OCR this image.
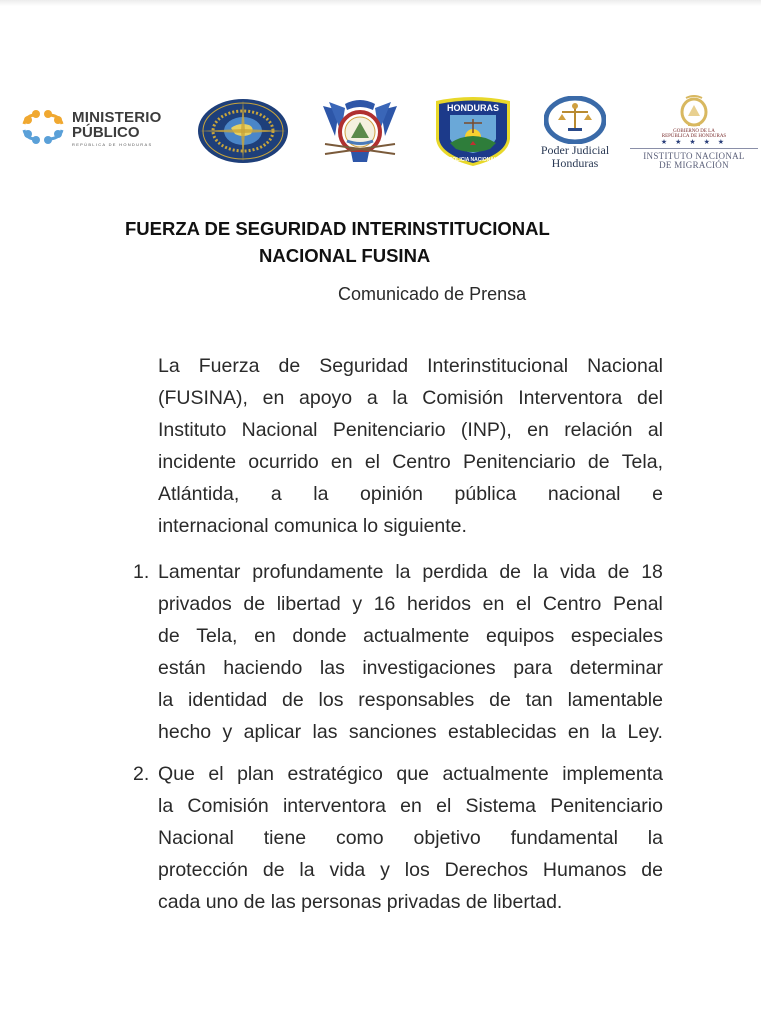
MINISTERIO
PÚBLICO
REPÚBLICA DE HONDURAS
HONDURAS
POLICIA NACIONAL
Poder Judicial
Honduras
GOBIERNO DE LA
REPÚBLICA DE HONDURAS
★ ★ ★ ★ ★
INSTITUTO NACIONAL
DE MIGRACIÓN
FUERZA DE SEGURIDAD INTERINSTITUCIONAL
NACIONAL FUSINA
Comunicado de Prensa
La Fuerza de Seguridad Interinstitucional Nacional
(FUSINA), en apoyo a la Comisión Interventora del
Instituto Nacional Penitenciario (INP), en relación al
incidente ocurrido en el Centro Penitenciario de Tela,
Atlántida, a la opinión pública nacional e
internacional comunica lo siguiente.
1. Lamentar profundamente la perdida de la vida de 18
privados de libertad y 16 heridos en el Centro Penal
de Tela, en donde actualmente equipos especiales
están haciendo las investigaciones para determinar
la identidad de los responsables de tan lamentable
hecho y aplicar las sanciones establecidas en la Ley.
2. Que el plan estratégico que actualmente implementa
la Comisión interventora en el Sistema Penitenciario
Nacional tiene como objetivo fundamental la
protección de la vida y los Derechos Humanos de
cada uno de las personas privadas de libertad.
